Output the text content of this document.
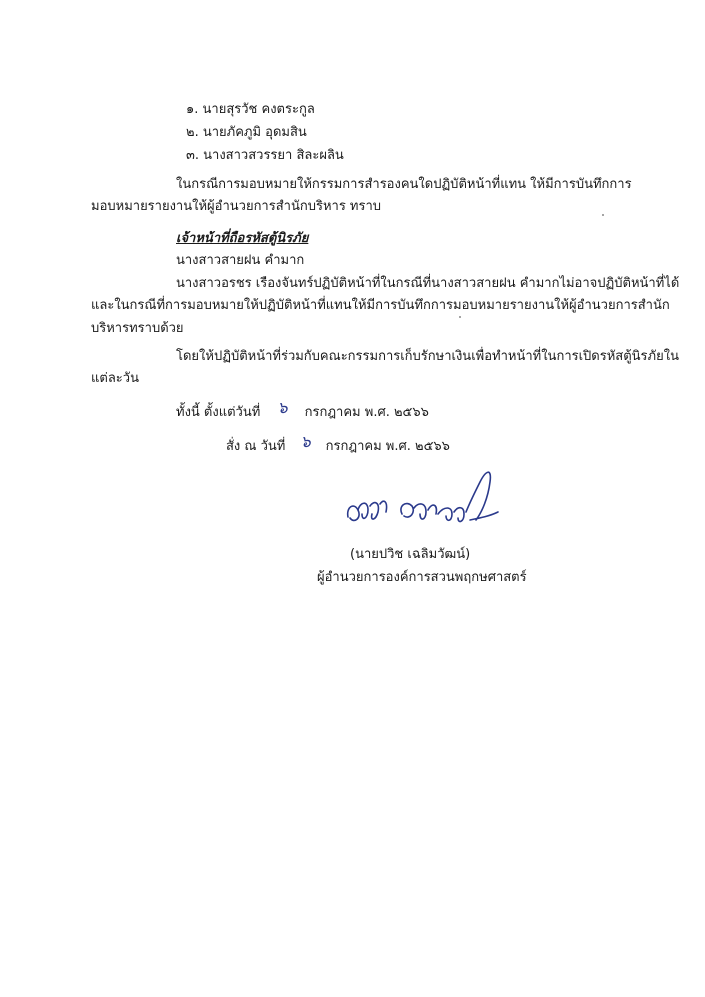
๑. นายสุรวัช คงตระกูล
๒. นายภัคภูมิ อุดมสิน
๓. นางสาวสวรรยา สิละผลิน
ในกรณีการมอบหมายให้กรรมการสำรองคนใดปฏิบัติหน้าที่แทน ให้มีการบันทึกการ
มอบหมายรายงานให้ผู้อำนวยการสำนักบริหาร ทราบ
เจ้าหน้าที่ถือรหัสตู้นิรภัย
นางสาวสายฝน คำมาก
นางสาวอรชร เรืองจันทร์ปฏิบัติหน้าที่ในกรณีที่นางสาวสายฝน คำมากไม่อาจปฏิบัติหน้าที่ได้
และในกรณีที่การมอบหมายให้ปฏิบัติหน้าที่แทนให้มีการบันทึกการมอบหมายรายงานให้ผู้อำนวยการสำนัก
บริหารทราบด้วย
โดยให้ปฏิบัติหน้าที่ร่วมกับคณะกรรมการเก็บรักษาเงินเพื่อทำหน้าที่ในการเปิดรหัสตู้นิรภัยใน
แต่ละวัน
ทั้งนี้ ตั้งแต่วันที่ ๖ กรกฎาคม พ.ศ. ๒๕๖๖
สั่ง ณ วันที่ ๖ กรกฎาคม พ.ศ. ๒๕๖๖
(นายปวิช เฉลิมวัฒน์)
ผู้อำนวยการองค์การสวนพฤกษศาสตร์
